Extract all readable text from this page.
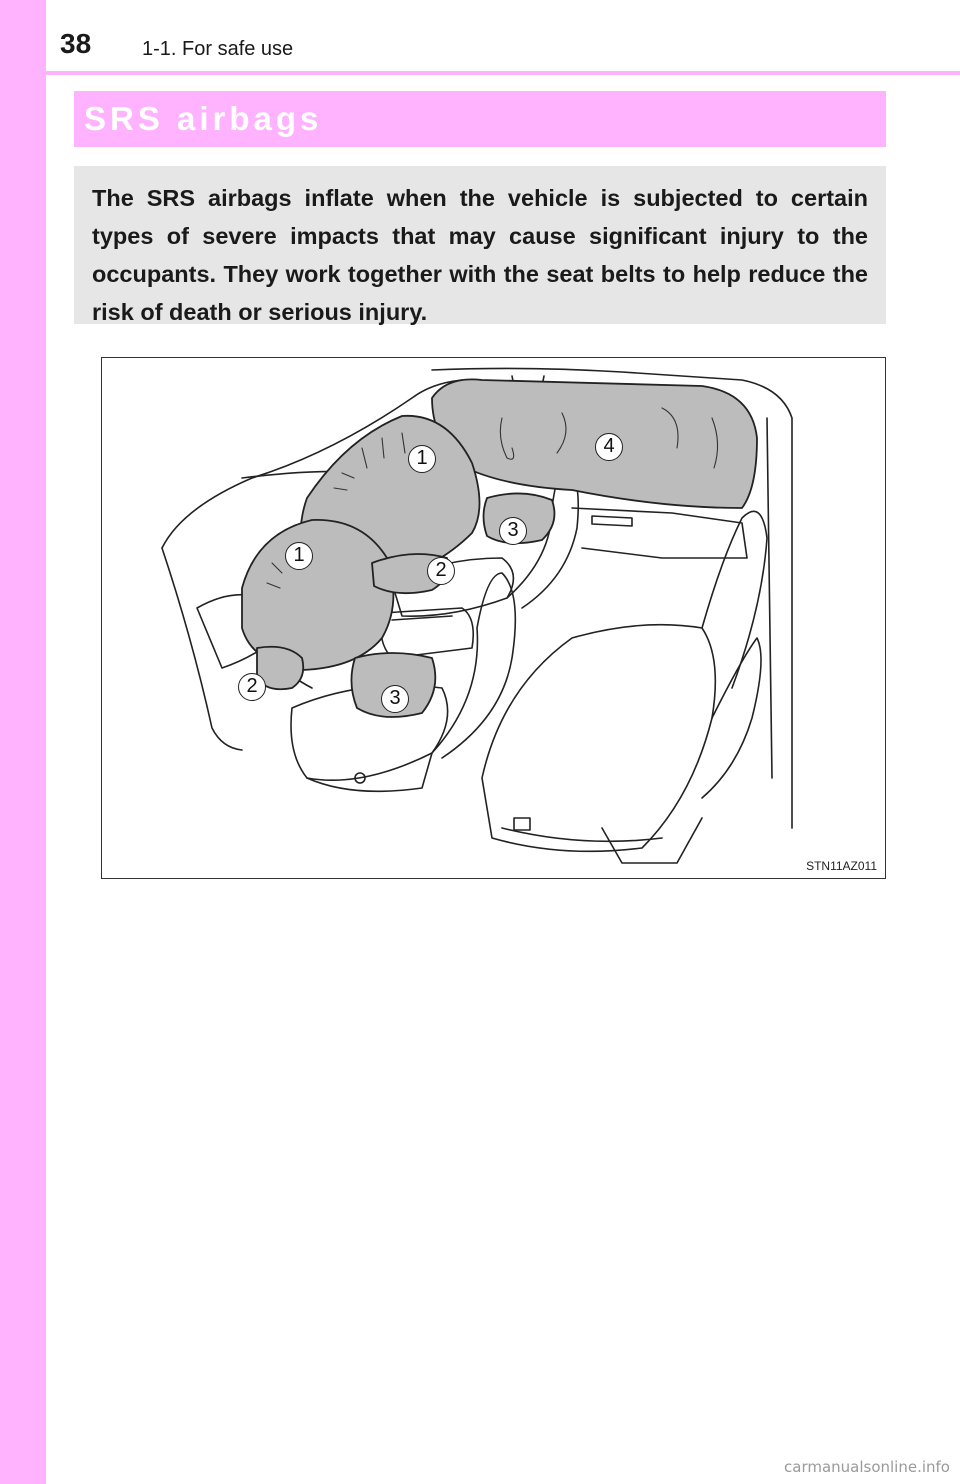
38	1-1. For safe use
SRS airbags

The SRS airbags inflate when the vehicle is subjected to certain types of severe impacts that may cause significant injury to the occupants. They work together with the seat belts to help reduce the risk of death or serious injury.

1
1
2
2
3
3
4
STN11AZ011
carmanualsonline.info
